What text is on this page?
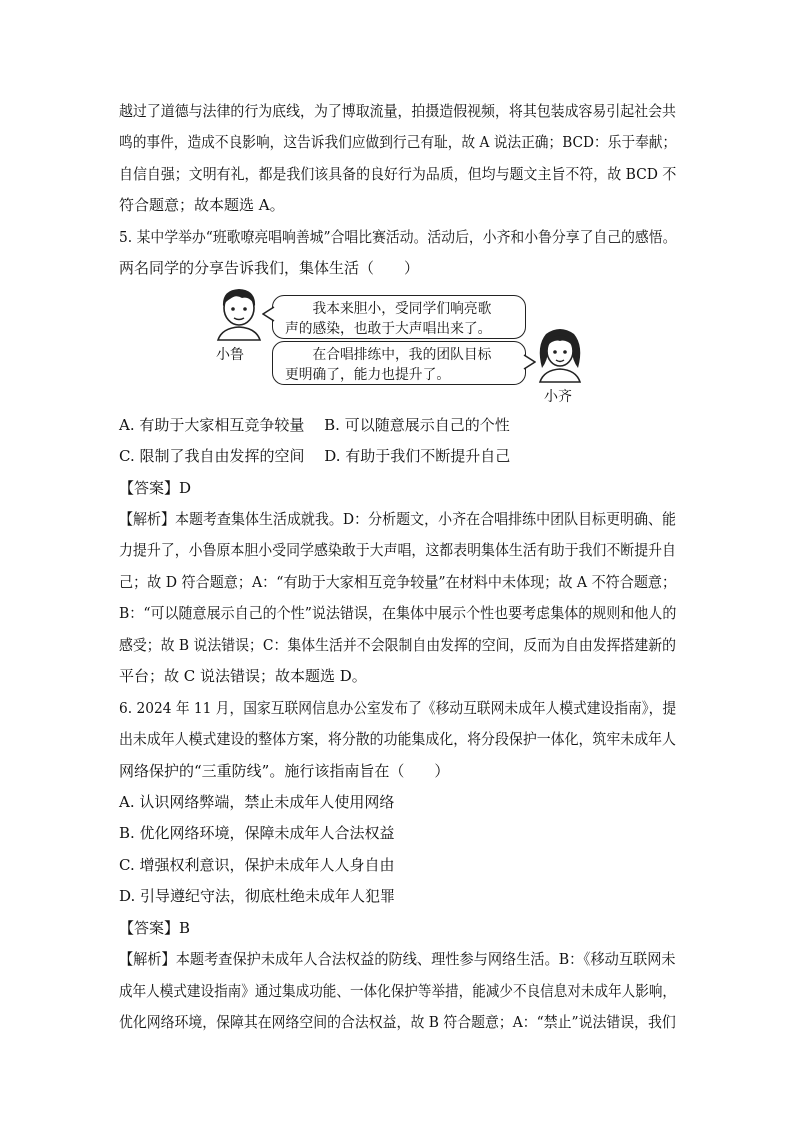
越过了道德与法律的行为底线，为了博取流量，拍摄造假视频，将其包装成容易引起社会共
鸣的事件，造成不良影响，这告诉我们应做到行己有耻，故 A 说法正确；BCD：乐于奉献；
自信自强；文明有礼，都是我们该具备的良好行为品质，但均与题文主旨不符，故 BCD 不
符合题意；故本题选 A。
5. 某中学举办“班歌嘹亮唱响善城”合唱比赛活动。活动后，小齐和小鲁分享了自己的感悟。
两名同学的分享告诉我们，集体生活（　　）
小鲁
我本来胆小，受同学们响亮歌
声的感染，也敢于大声唱出来了。
在合唱排练中，我的团队目标
更明确了，能力也提升了。
小齐
A. 有助于大家相互竞争较量　 B. 可以随意展示自己的个性
C. 限制了我自由发挥的空间　 D. 有助于我们不断提升自己
【答案】D
【解析】本题考查集体生活成就我。D：分析题文，小齐在合唱排练中团队目标更明确、能
力提升了，小鲁原本胆小受同学感染敢于大声唱，这都表明集体生活有助于我们不断提升自
己；故 D 符合题意；A：“有助于大家相互竞争较量”在材料中未体现；故 A 不符合题意；
B：“可以随意展示自己的个性”说法错误，在集体中展示个性也要考虑集体的规则和他人的
感受；故 B 说法错误；C：集体生活并不会限制自由发挥的空间，反而为自由发挥搭建新的
平台；故 C 说法错误；故本题选 D。
6. 2024 年 11 月，国家互联网信息办公室发布了《移动互联网未成年人模式建设指南》，提
出未成年人模式建设的整体方案，将分散的功能集成化，将分段保护一体化，筑牢未成年人
网络保护的“三重防线”。施行该指南旨在（　　）
A. 认识网络弊端，禁止未成年人使用网络
B. 优化网络环境，保障未成年人合法权益
C. 增强权利意识，保护未成年人人身自由
D. 引导遵纪守法，彻底杜绝未成年人犯罪
【答案】B
【解析】本题考查保护未成年人合法权益的防线、理性参与网络生活。B：《移动互联网未
成年人模式建设指南》通过集成功能、一体化保护等举措，能减少不良信息对未成年人影响，
优化网络环境，保障其在网络空间的合法权益，故 B 符合题意；A：“禁止”说法错误，我们
